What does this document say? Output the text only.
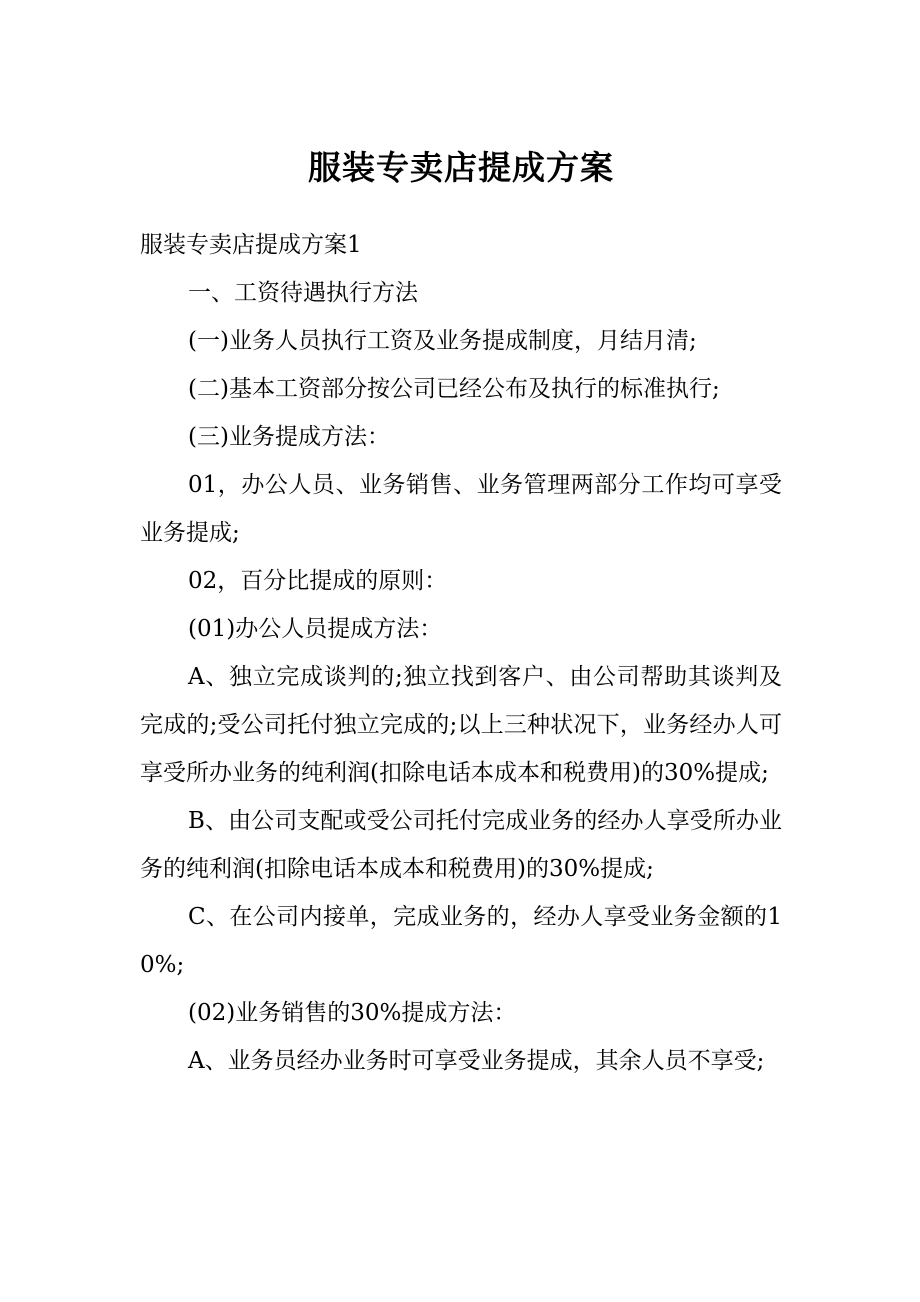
服装专卖店提成方案

服装专卖店提成方案1

一、工资待遇执行方法

(一)业务人员执行工资及业务提成制度，月结月清;

(二)基本工资部分按公司已经公布及执行的标准执行;

(三)业务提成方法：

01，办公人员、业务销售、业务管理两部分工作均可享受业务提成;

02，百分比提成的原则：

(01)办公人员提成方法：

A、独立完成谈判的;独立找到客户、由公司帮助其谈判及完成的;受公司托付独立完成的;以上三种状况下，业务经办人可享受所办业务的纯利润(扣除电话本成本和税费用)的30%提成;

B、由公司支配或受公司托付完成业务的经办人享受所办业务的纯利润(扣除电话本成本和税费用)的30%提成;

C、在公司内接单，完成业务的，经办人享受业务金额的10%;

(02)业务销售的30%提成方法：

A、业务员经办业务时可享受业务提成，其余人员不享受;
